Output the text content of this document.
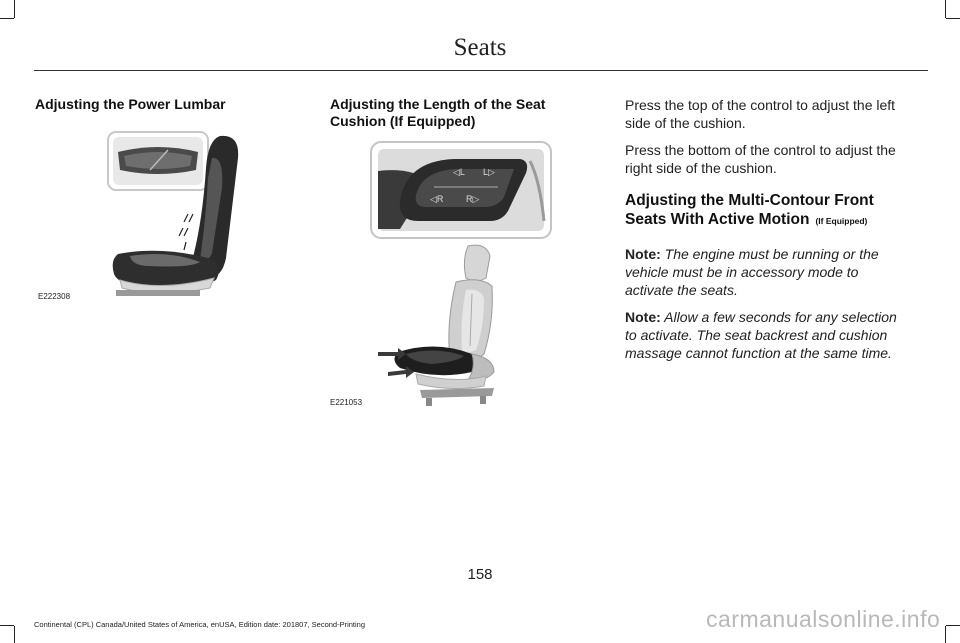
Seats
Adjusting the Power Lumbar
E222308
Adjusting the Length of the Seat Cushion (If Equipped)
◁L L▷
◁R	R▷
E221053

Press the top of the control to adjust the left side of the cushion.

Press the bottom of the control to adjust the right side of the cushion.

Adjusting the Multi-Contour Front Seats With Active Motion (If Equipped)

Note: The engine must be running or the vehicle must be in accessory mode to activate the seats.

Note: Allow a few seconds for any selection to activate. The seat backrest and cushion massage cannot function at the same time.

158
Continental (CPL) Canada/United States of America, enUSA, Edition date: 201807, Second-Printing	carmanualsonline.info
